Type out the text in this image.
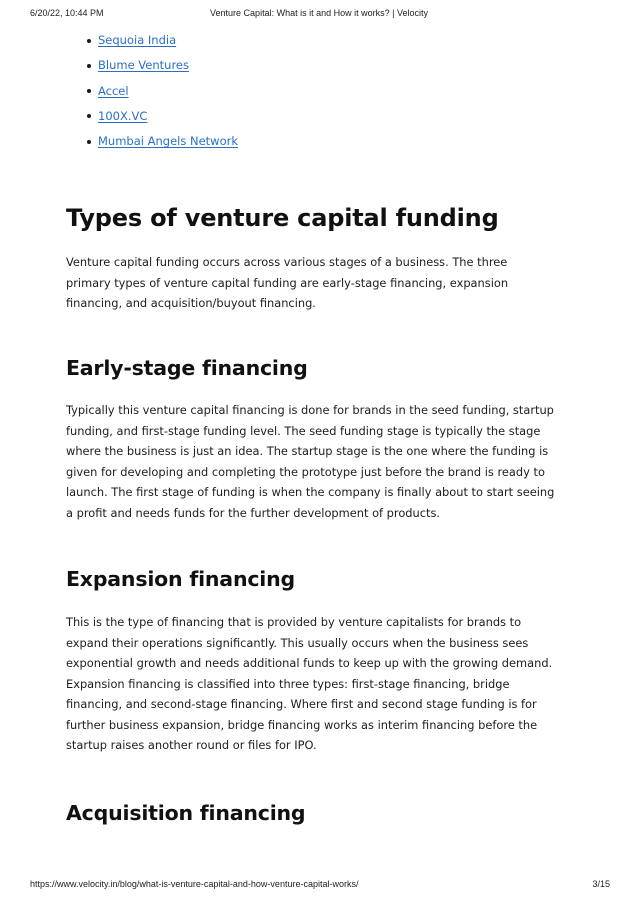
6/20/22, 10:44 PM	Venture Capital: What is it and How it works? | Velocity
Sequoia India
Blume Ventures
Accel
100X.VC
Mumbai Angels Network
Types of venture capital funding

Venture capital funding occurs across various stages of a business. The three
primary types of venture capital funding are early-stage financing, expansion
financing, and acquisition/buyout financing.

Early-stage financing

Typically this venture capital financing is done for brands in the seed funding, startup
funding, and first-stage funding level. The seed funding stage is typically the stage
where the business is just an idea. The startup stage is the one where the funding is
given for developing and completing the prototype just before the brand is ready to
launch. The first stage of funding is when the company is finally about to start seeing
a profit and needs funds for the further development of products.

Expansion financing

This is the type of financing that is provided by venture capitalists for brands to
expand their operations significantly. This usually occurs when the business sees
exponential growth and needs additional funds to keep up with the growing demand.
Expansion financing is classified into three types: first-stage financing, bridge
financing, and second-stage financing. Where first and second stage funding is for
further business expansion, bridge financing works as interim financing before the
startup raises another round or files for IPO.

Acquisition financing
https://www.velocity.in/blog/what-is-venture-capital-and-how-venture-capital-works/	3/15
